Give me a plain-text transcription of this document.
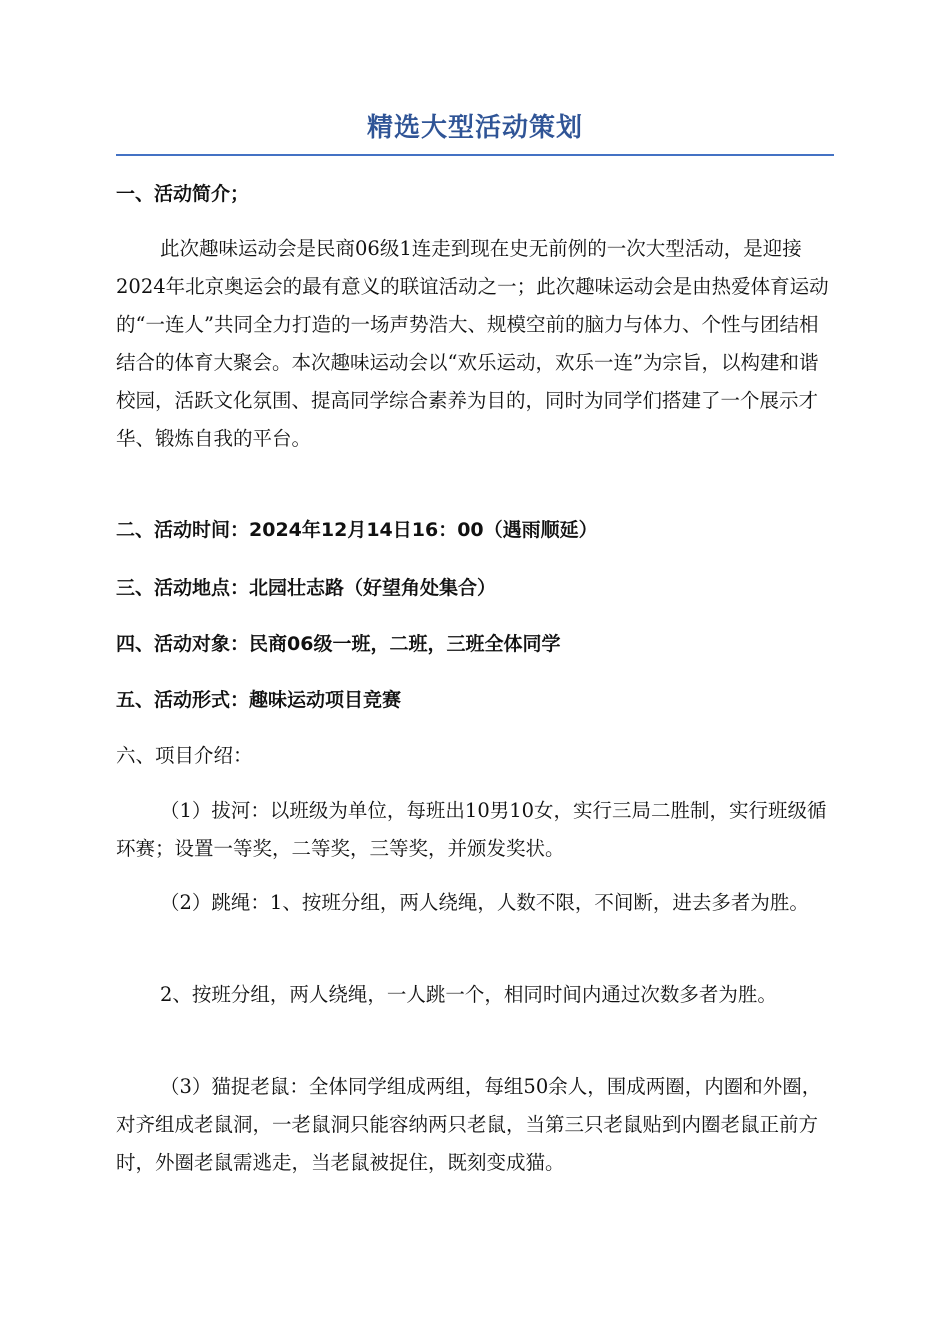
精选大型活动策划

一、活动简介；

此次趣味运动会是民商06级1连走到现在史无前例的一次大型活动，是迎接2024年北京奥运会的最有意义的联谊活动之一；此次趣味运动会是由热爱体育运动的“一连人”共同全力打造的一场声势浩大、规模空前的脑力与体力、个性与团结相结合的体育大聚会。本次趣味运动会以“欢乐运动，欢乐一连”为宗旨，以构建和谐校园，活跃文化氛围、提高同学综合素养为目的，同时为同学们搭建了一个展示才华、锻炼自我的平台。

二、活动时间：2024年12月14日16：00（遇雨顺延）

三、活动地点：北园壮志路（好望角处集合）

四、活动对象：民商06级一班，二班，三班全体同学

五、活动形式：趣味运动项目竞赛

六、项目介绍：

（1）拔河：以班级为单位，每班出10男10女，实行三局二胜制，实行班级循环赛；设置一等奖，二等奖，三等奖，并颁发奖状。

（2）跳绳：1、按班分组，两人绕绳，人数不限，不间断，进去多者为胜。

2、按班分组，两人绕绳，一人跳一个，相同时间内通过次数多者为胜。

（3）猫捉老鼠：全体同学组成两组，每组50余人，围成两圈，内圈和外圈，对齐组成老鼠洞，一老鼠洞只能容纳两只老鼠，当第三只老鼠贴到内圈老鼠正前方时，外圈老鼠需逃走，当老鼠被捉住，既刻变成猫。
